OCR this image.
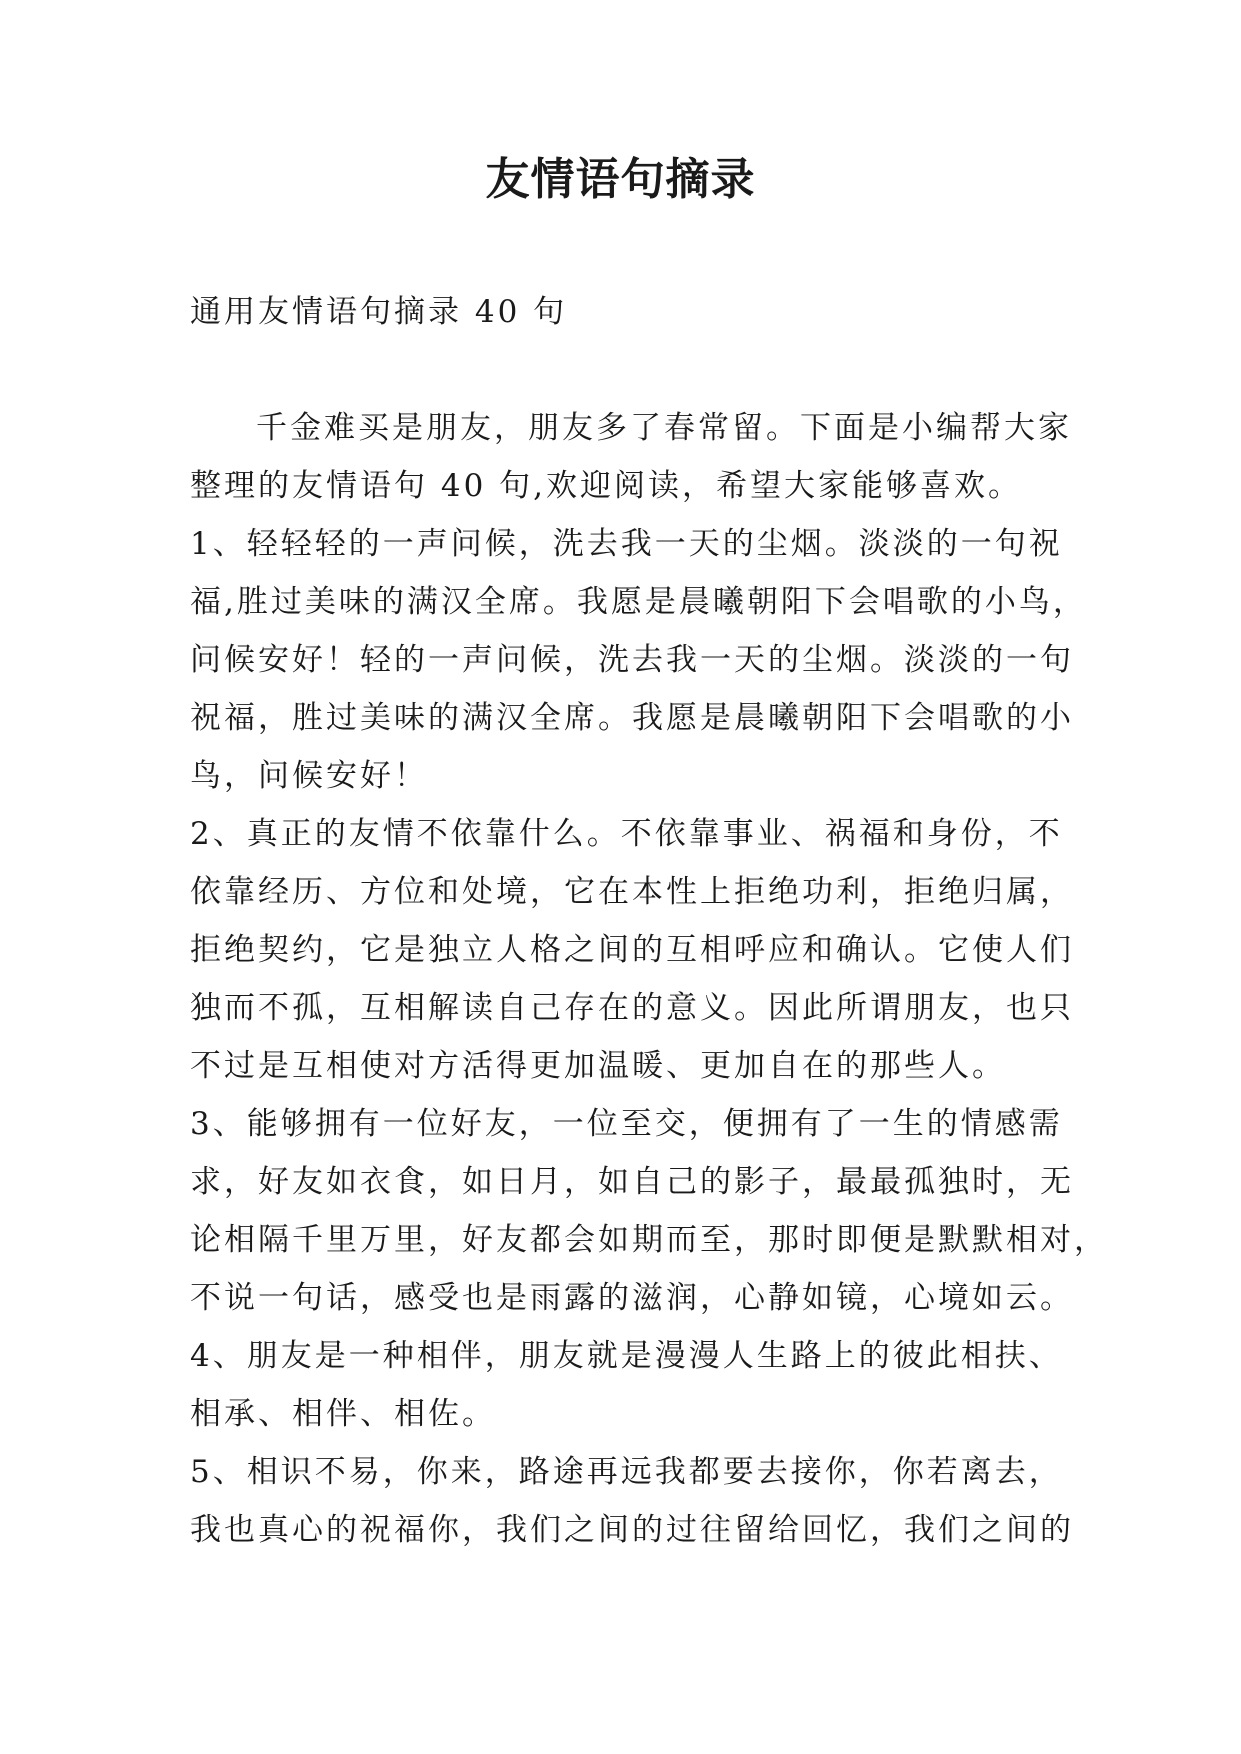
友情语句摘录

通用友情语句摘录 40 句

千金难买是朋友，朋友多了春常留。下面是小编帮大家
整理的友情语句 40 句,欢迎阅读，希望大家能够喜欢。

1、轻轻轻的一声问候，洗去我一天的尘烟。淡淡的一句祝
福,胜过美味的满汉全席。我愿是晨曦朝阳下会唱歌的小鸟，
问候安好！轻的一声问候，洗去我一天的尘烟。淡淡的一句
祝福，胜过美味的满汉全席。我愿是晨曦朝阳下会唱歌的小
鸟，问候安好！

2、真正的友情不依靠什么。不依靠事业、祸福和身份，不
依靠经历、方位和处境，它在本性上拒绝功利，拒绝归属，
拒绝契约，它是独立人格之间的互相呼应和确认。它使人们
独而不孤，互相解读自己存在的意义。因此所谓朋友，也只
不过是互相使对方活得更加温暖、更加自在的那些人。

3、能够拥有一位好友，一位至交，便拥有了一生的情感需
求，好友如衣食，如日月，如自己的影子，最最孤独时，无
论相隔千里万里，好友都会如期而至，那时即便是默默相对，
不说一句话，感受也是雨露的滋润，心静如镜，心境如云。

4、朋友是一种相伴，朋友就是漫漫人生路上的彼此相扶、
相承、相伴、相佐。

5、相识不易，你来，路途再远我都要去接你，你若离去，
我也真心的祝福你，我们之间的过往留给回忆，我们之间的
